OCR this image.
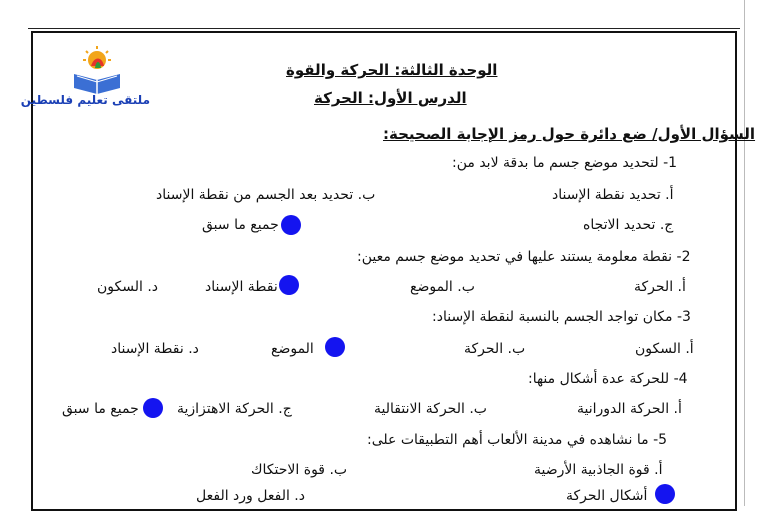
ملتقى تعليم فلسطين
الوحدة الثالثة: الحركة والقوة
الدرس الأول: الحركة
السؤال الأول/ ضع دائرة حول رمز الإجابة الصحيحة:
1- لتحديد موضع جسم ما بدقة لابد من:
أ. تحديد نقطة الإسناد
ب. تحديد بعد الجسم من نقطة الإسناد
ج. تحديد الاتجاه
جميع ما سبق
2- نقطة معلومة يستند عليها في تحديد موضع جسم معين:
أ. الحركة
ب. الموضع
نقطة الإسناد
د. السكون
3- مكان تواجد الجسم بالنسبة لنقطة الإسناد:
أ. السكون
ب. الحركة
الموضع
د. نقطة الإسناد
4- للحركة عدة أشكال منها:
أ. الحركة الدورانية
ب. الحركة الانتقالية
ج. الحركة الاهتزازية
جميع ما سبق
5- ما نشاهده في مدينة الألعاب أهم التطبيقات على:
أ. قوة الجاذبية الأرضية
ب. قوة الاحتكاك
أشكال الحركة
د. الفعل ورد الفعل
